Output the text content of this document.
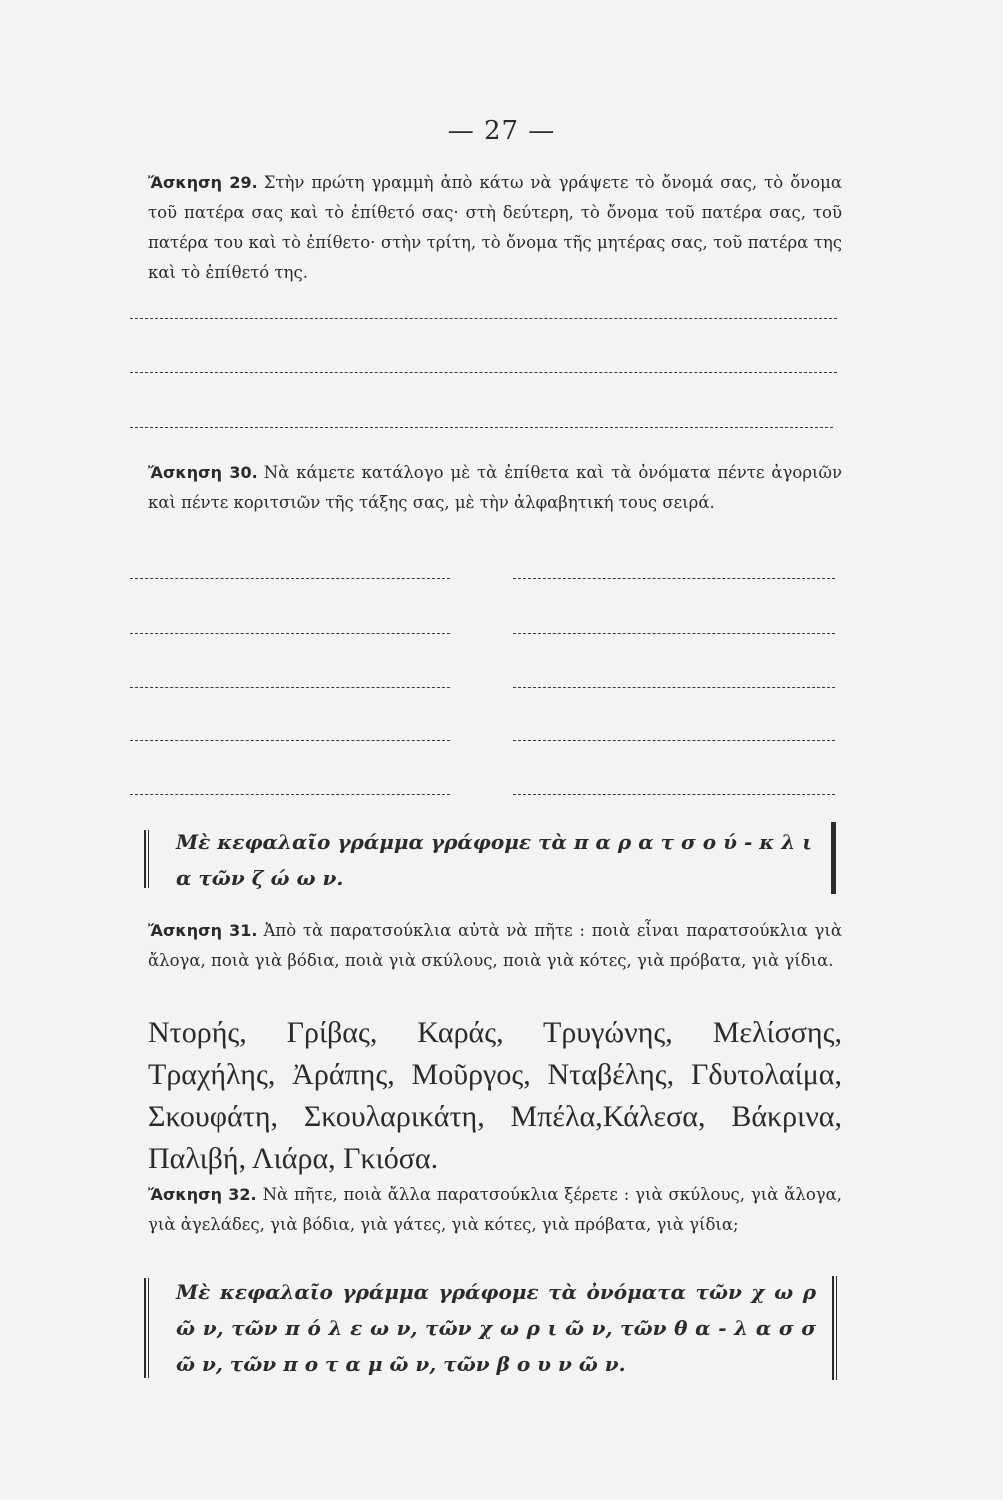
— 27 —
Ἄσκηση 29. Στὴν πρώτη γραμμὴ ἀπὸ κάτω νὰ γράψετε τὸ ὄνομά σας, τὸ ὄνομα τοῦ πατέρα σας καὶ τὸ ἐπίθετό σας· στὴ δεύτερη, τὸ ὄνομα τοῦ πατέρα σας, τοῦ πατέρα του καὶ τὸ ἐπίθετο· στὴν τρίτη, τὸ ὄνομα τῆς μητέρας σας, τοῦ πατέρα της καὶ τὸ ἐπίθετό της.
Ἄσκηση 30. Νὰ κάμετε κατάλογο μὲ τὰ ἐπίθετα καὶ τὰ ὀνόματα πέντε ἀγοριῶν καὶ πέντε κοριτσιῶν τῆς τάξης σας, μὲ τὴν ἀλφαβητική τους σειρά.
Μὲ κεφαλαῖο γράμμα γράφομε τὰ π α ρ α τ σ ο ύ - κ λ ι α τῶν ζ ώ ω ν.
Ἄσκηση 31. Ἀπὸ τὰ παρατσούκλια αὐτὰ νὰ πῆτε : ποιὰ εἶναι παρατσούκλια γιὰ ἄλογα, ποιὰ γιὰ βόδια, ποιὰ γιὰ σκύλους, ποιὰ γιὰ κότες, γιὰ πρόβατα, γιὰ γίδια.
Ντορής, Γρίβας, Καράς, Τρυγώνης, Μελίσσης, Τραχήλης, Ἀράπης, Μοῦργος, Νταβέλης, Γδυτολαίμα, Σκουφάτη, Σκουλαρικάτη, Μπέλα,Κάλεσα, Βάκρινα, Παλιβή, Λιάρα, Γκιόσα.
Ἄσκηση 32. Νὰ πῆτε, ποιὰ ἄλλα παρατσούκλια ξέρετε : γιὰ σκύλους, γιὰ ἄλογα, γιὰ ἀγελάδες, γιὰ βόδια, γιὰ γάτες, γιὰ κότες, γιὰ πρόβατα, γιὰ γίδια;
Μὲ κεφαλαῖο γράμμα γράφομε τὰ ὀνόματα τῶν χ ω ρ ῶ ν, τῶν π ό λ ε ω ν, τῶν χ ω ρ ι ῶ ν, τῶν θ α - λ α σ σ ῶ ν, τῶν π ο τ α μ ῶ ν, τῶν β ο υ ν ῶ ν.
